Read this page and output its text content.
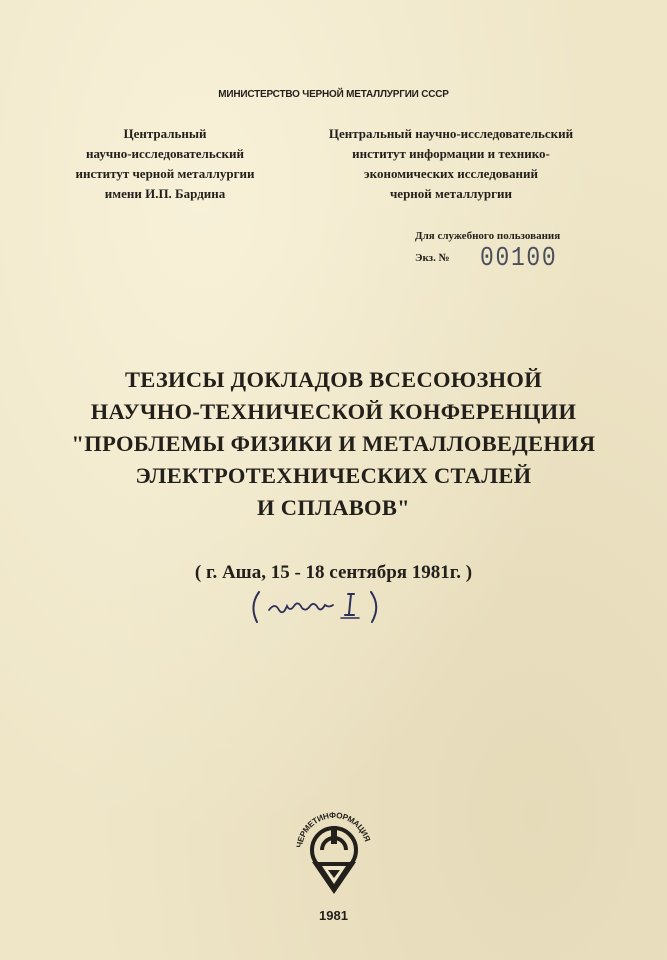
МИНИСТЕРСТВО ЧЕРНОЙ МЕТАЛЛУРГИИ СССР
Центральный
научно-исследовательский
институт черной металлургии
имени И.П. Бардина
Центральный научно-исследовательский
институт информации и технико-
экономических исследований
черной металлургии
Для служебного пользования
Экз. № 00100
ТЕЗИСЫ ДОКЛАДОВ ВСЕСОЮЗНОЙ
НАУЧНО-ТЕХНИЧЕСКОЙ КОНФЕРЕНЦИИ
"ПРОБЛЕМЫ ФИЗИКИ И МЕТАЛЛОВЕДЕНИЯ
ЭЛЕКТРОТЕХНИЧЕСКИХ СТАЛЕЙ
И СПЛАВОВ"
( г. Аша, 15 - 18 сентября 1981г. )
ЧЕРМЕТИНФОРМАЦИЯ
1981
